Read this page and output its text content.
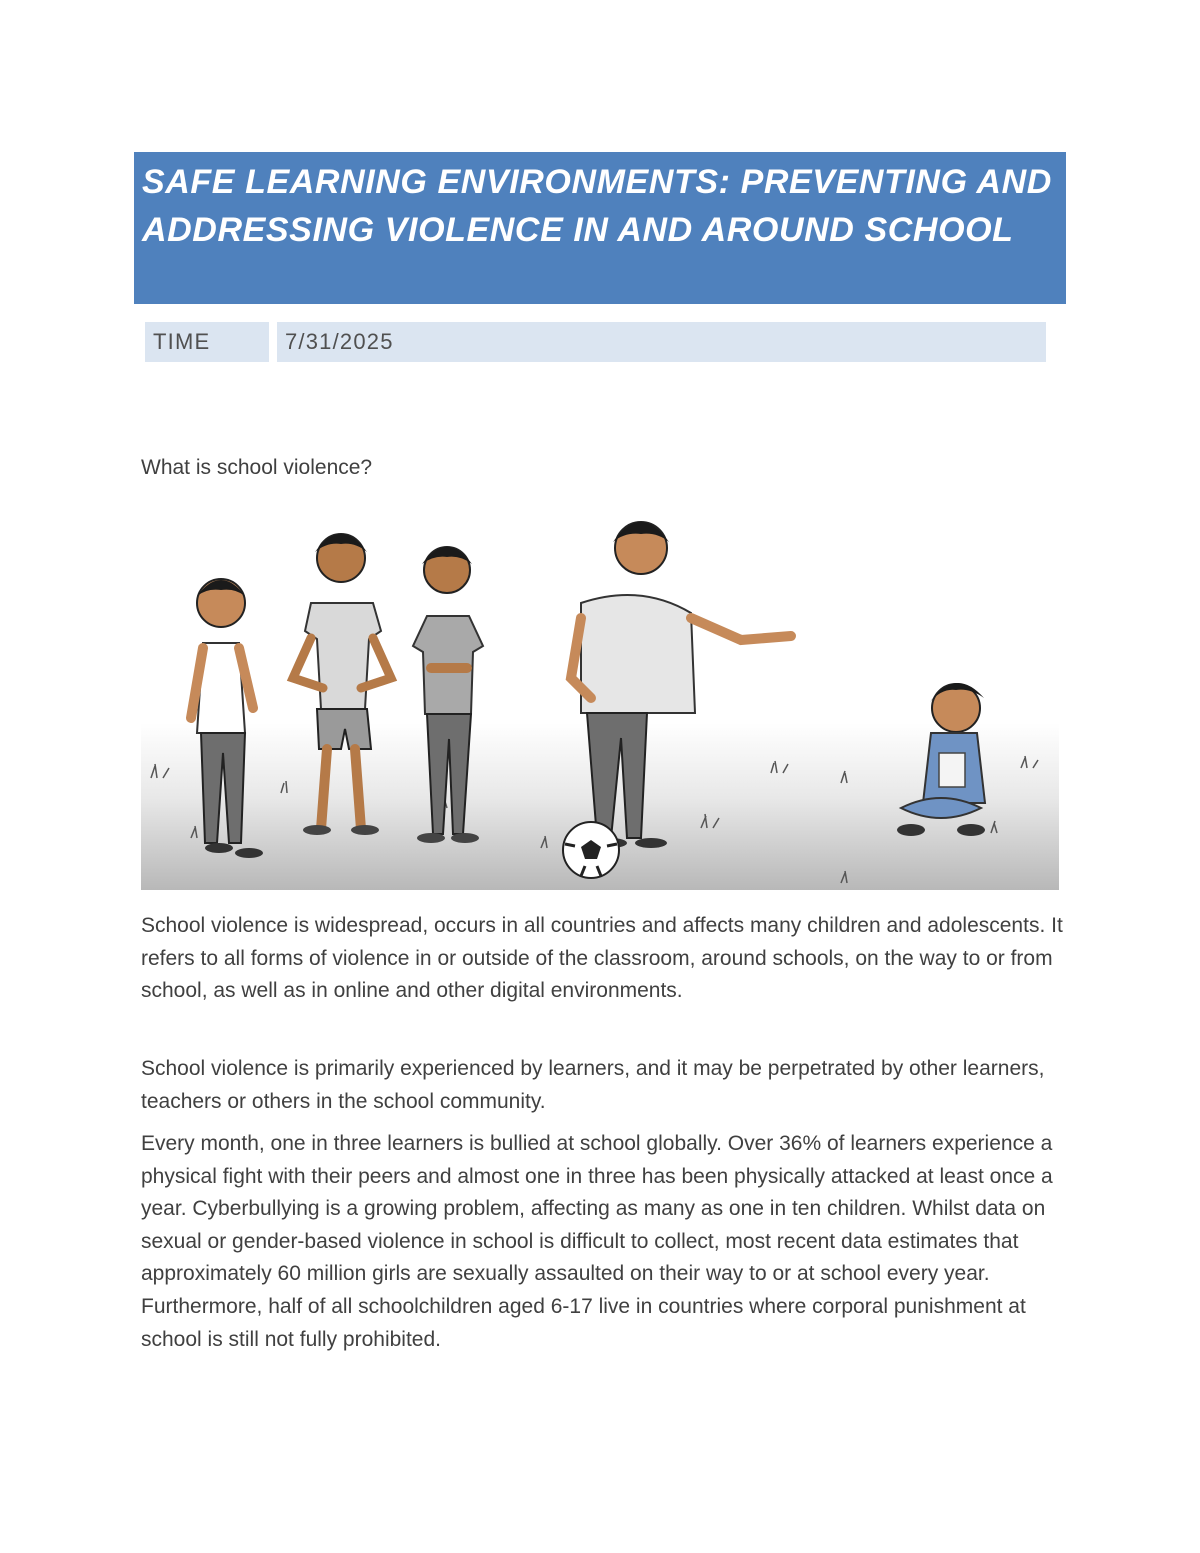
SAFE LEARNING ENVIRONMENTS: PREVENTING AND ADDRESSING VIOLENCE IN AND AROUND SCHOOL
TIME	7/31/2025
What is school violence?

School violence is widespread, occurs in all countries and affects many children and adolescents. It refers to all forms of violence in or outside of the classroom, around schools, on the way to or from school, as well as in online and other digital environments.

School violence is primarily experienced by learners, and it may be perpetrated by other learners, teachers or others in the school community.

Every month, one in three learners is bullied at school globally. Over 36% of learners experience a physical fight with their peers and almost one in three has been physically attacked at least once a year. Cyberbullying is a growing problem, affecting as many as one in ten children. Whilst data on sexual or gender-based violence in school is difficult to collect, most recent data estimates that approximately 60 million girls are sexually assaulted on their way to or at school every year. Furthermore, half of all schoolchildren aged 6-17 live in countries where corporal punishment at school is still not fully prohibited.
